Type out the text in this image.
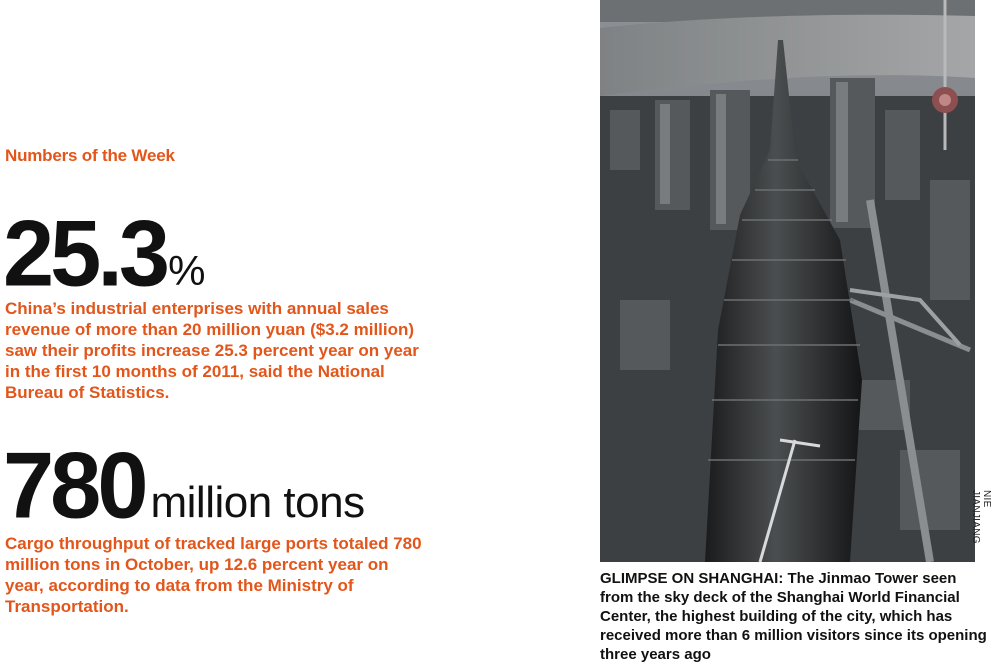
Numbers of the Week
25.3%
China’s industrial enterprises with annual sales revenue of more than 20 million yuan ($3.2 million) saw their profits increase 25.3 percent year on year in the first 10 months of 2011, said the National Bureau of Statistics.
780 million tons
Cargo throughput of tracked large ports totaled 780 million tons in October, up 12.6 percent year on year, according to data from the Ministry of Transportation.
NIE JIANJIANG
GLIMPSE ON SHANGHAI: The Jinmao Tower seen from the sky deck of the Shanghai World Financial Center, the highest building of the city, which has received more than 6 million visitors since its opening three years ago
